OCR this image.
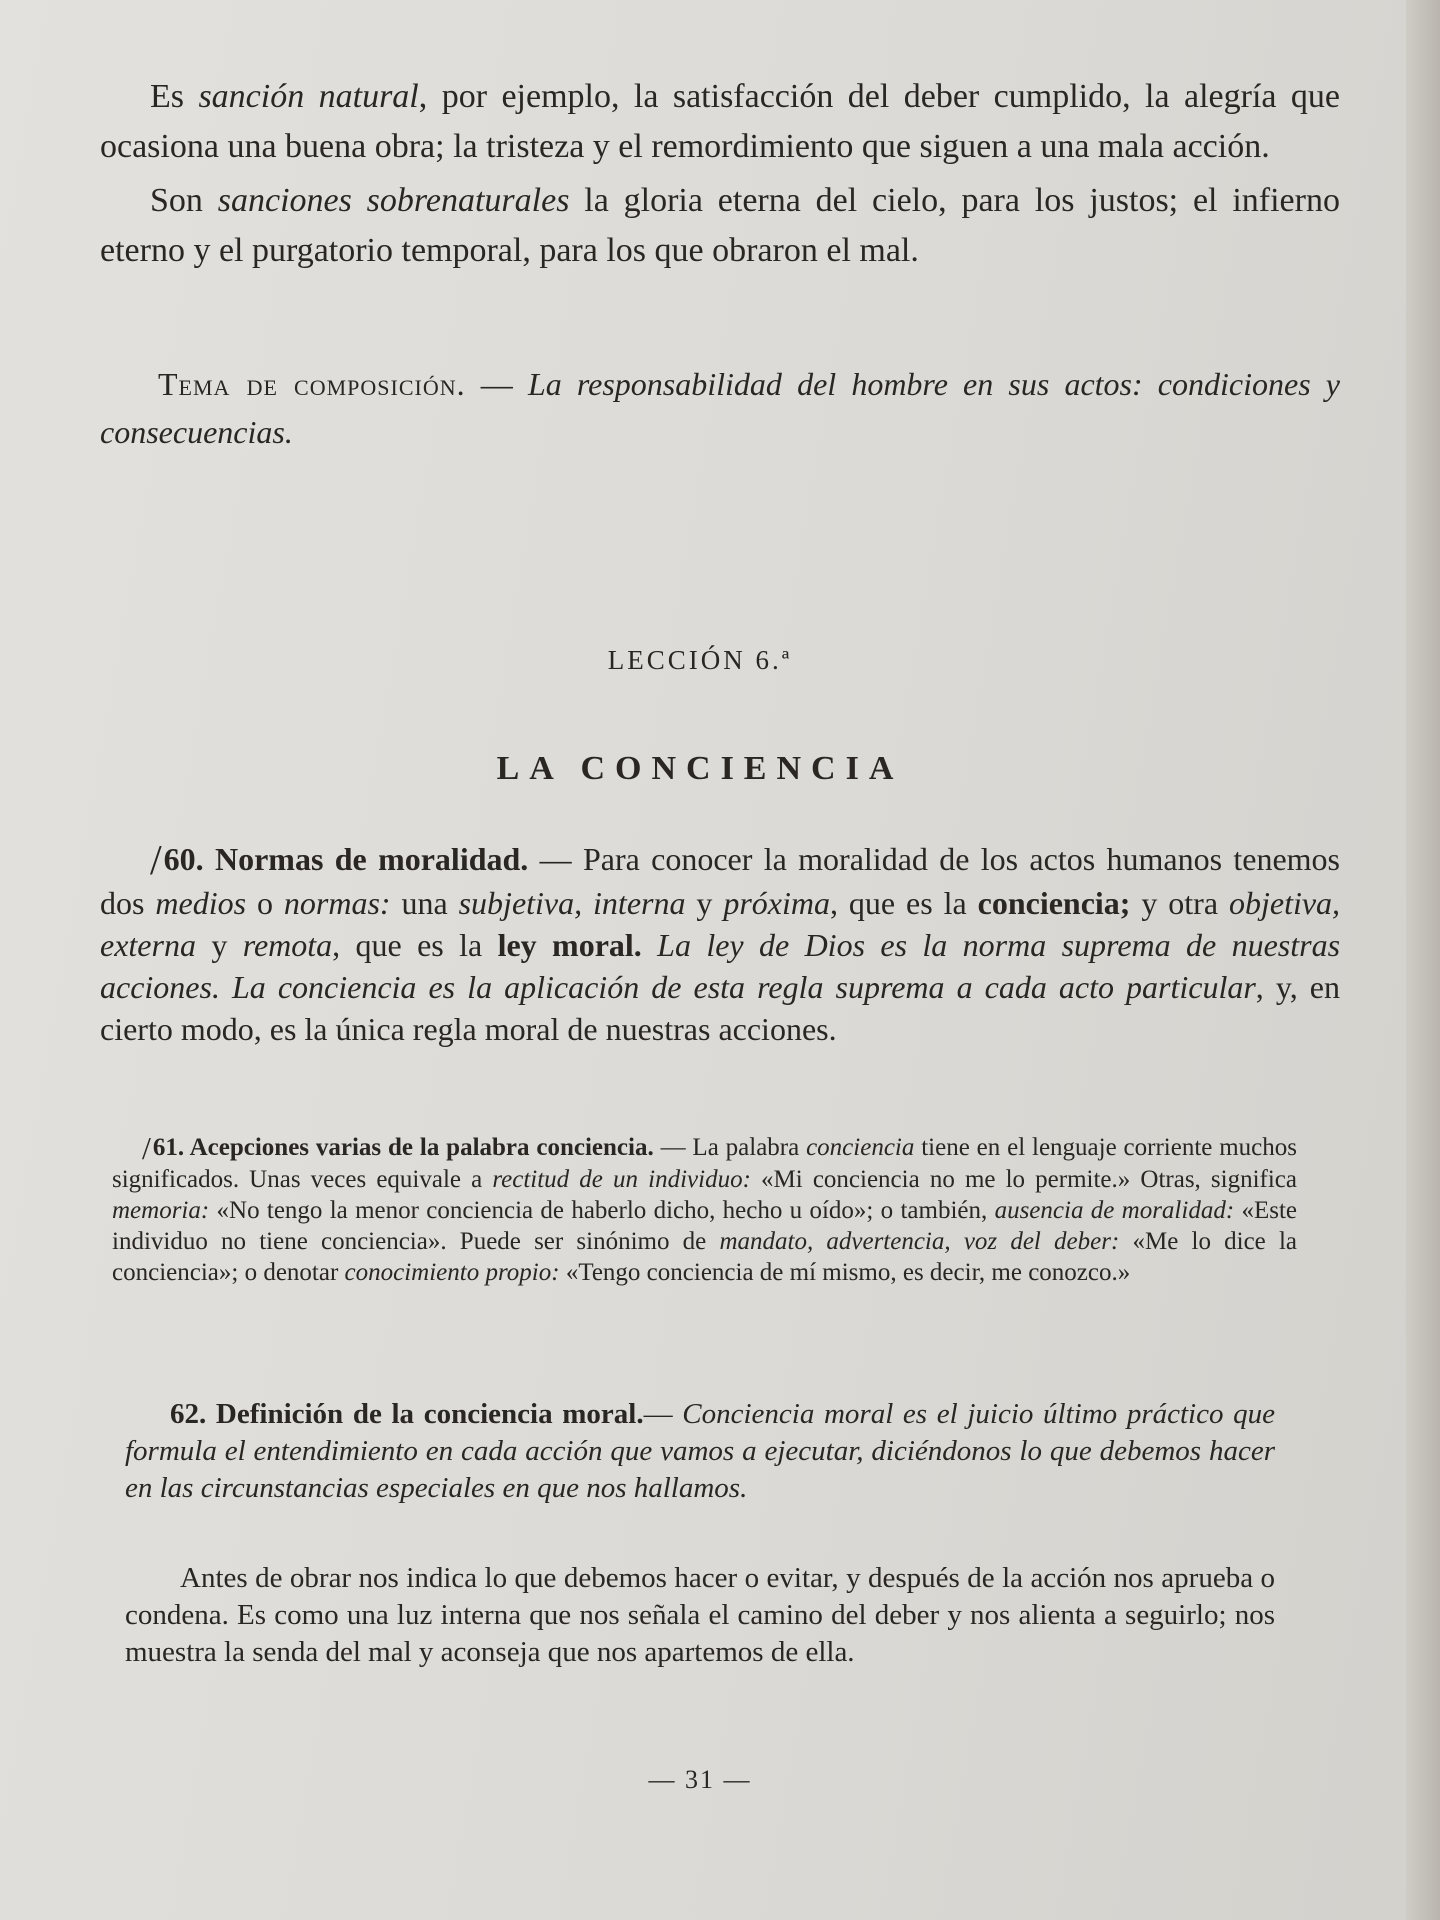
Es sanción natural, por ejemplo, la satisfacción del deber cumplido, la alegría que ocasiona una buena obra; la tristeza y el remordimiento que siguen a una mala acción.

Son sanciones sobrenaturales la gloria eterna del cielo, para los justos; el infierno eterno y el purgatorio temporal, para los que obraron el mal.

Tema de composición. — La responsabilidad del hombre en sus actos: condiciones y consecuencias.

LECCIÓN 6.ª
LA CONCIENCIA

/60. Normas de moralidad. — Para conocer la moralidad de los actos humanos tenemos dos medios o normas: una subjetiva, interna y próxima, que es la conciencia; y otra objetiva, externa y remota, que es la ley moral. La ley de Dios es la norma suprema de nuestras acciones. La conciencia es la aplicación de esta regla suprema a cada acto particular, y, en cierto modo, es la única regla moral de nuestras acciones.

/61. Acepciones varias de la palabra conciencia. — La palabra conciencia tiene en el lenguaje corriente muchos significados. Unas veces equivale a rectitud de un individuo: «Mi conciencia no me lo permite.» Otras, significa memoria: «No tengo la menor conciencia de haberlo dicho, hecho u oído»; o también, ausencia de moralidad: «Este individuo no tiene conciencia». Puede ser sinónimo de mandato, advertencia, voz del deber: «Me lo dice la conciencia»; o denotar conocimiento propio: «Tengo conciencia de mí mismo, es decir, me conozco.»

62. Definición de la conciencia moral.— Conciencia moral es el juicio último práctico que formula el entendimiento en cada acción que vamos a ejecutar, diciéndonos lo que debemos hacer en las circunstancias especiales en que nos hallamos.

Antes de obrar nos indica lo que debemos hacer o evitar, y después de la acción nos aprueba o condena. Es como una luz interna que nos señala el camino del deber y nos alienta a seguirlo; nos muestra la senda del mal y aconseja que nos apartemos de ella.

— 31 —
